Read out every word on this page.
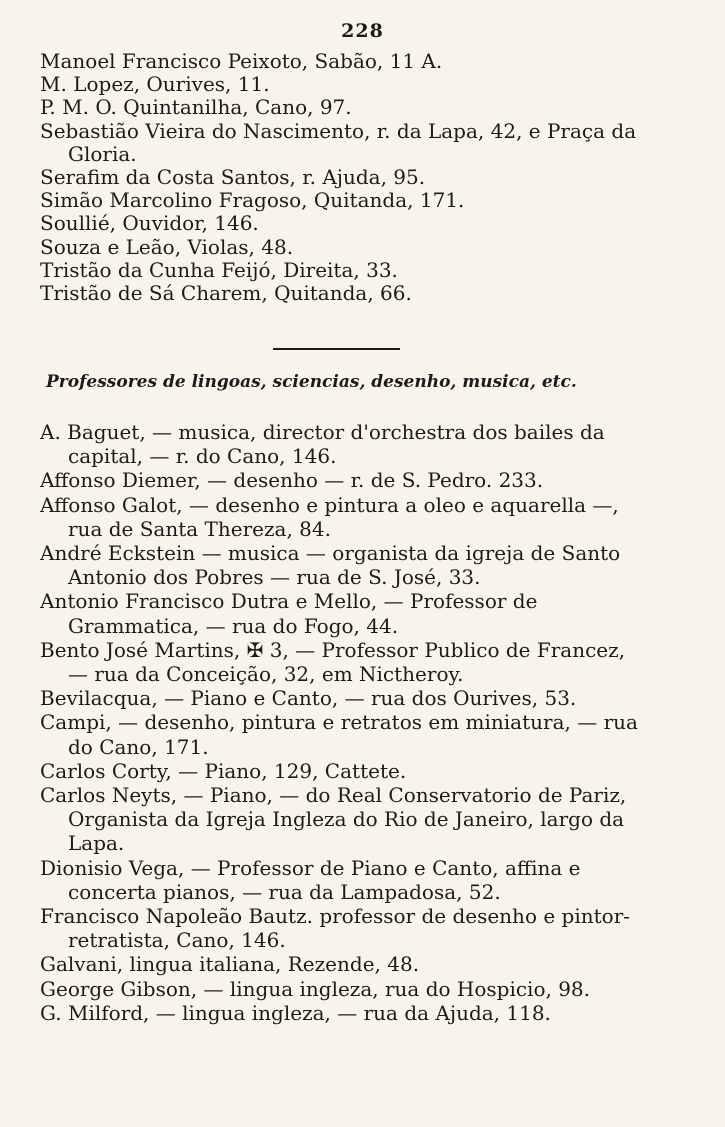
228
Manoel Francisco Peixoto, Sabão, 11 A.
M. Lopez, Ourives, 11.
P. M. O. Quintanilha, Cano, 97.
Sebastião Vieira do Nascimento, r. da Lapa, 42, e Praça da Gloria.
Serafim da Costa Santos, r. Ajuda, 95.
Simão Marcolino Fragoso, Quitanda, 171.
Soullié, Ouvidor, 146.
Souza e Leão, Violas, 48.
Tristão da Cunha Feijó, Direita, 33.
Tristão de Sá Charem, Quitanda, 66.
Professores de lingoas, sciencias, desenho, musica, etc.
A. Baguet, — musica, director d'orchestra dos bailes da capital, — r. do Cano, 146.
Affonso Diemer, — desenho — r. de S. Pedro. 233.
Affonso Galot, — desenho e pintura a oleo e aquarella —, rua de Santa Thereza, 84.
André Eckstein — musica — organista da igreja de Santo Antonio dos Pobres — rua de S. José, 33.
Antonio Francisco Dutra e Mello, — Professor de Grammatica, — rua do Fogo, 44.
Bento José Martins, ✠ 3, — Professor Publico de Francez, — rua da Conceição, 32, em Nictheroy.
Bevilacqua, — Piano e Canto, — rua dos Ourives, 53.
Campi, — desenho, pintura e retratos em miniatura, — rua do Cano, 171.
Carlos Corty, — Piano, 129, Cattete.
Carlos Neyts, — Piano, — do Real Conservatorio de Pariz, Organista da Igreja Ingleza do Rio de Janeiro, largo da Lapa.
Dionisio Vega, — Professor de Piano e Canto, affina e concerta pianos, — rua da Lampadosa, 52.
Francisco Napoleão Bautz. professor de desenho e pintor-retratista, Cano, 146.
Galvani, lingua italiana, Rezende, 48.
George Gibson, — lingua ingleza, rua do Hospicio, 98.
G. Milford, — lingua ingleza, — rua da Ajuda, 118.
